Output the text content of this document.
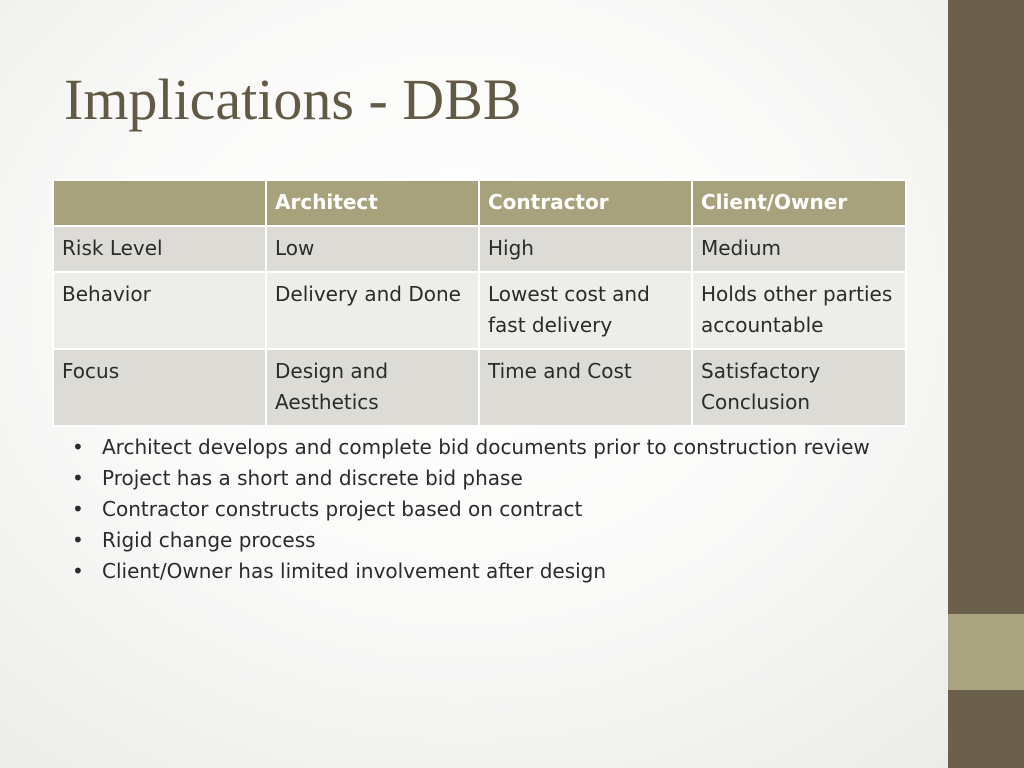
Implications - DBB
	Architect	Contractor	Client/Owner
Risk Level	Low	High	Medium
Behavior	Delivery and Done	Lowest cost and fast delivery	Holds other parties accountable
Focus	Design and Aesthetics	Time and Cost	Satisfactory Conclusion
• Architect develops and complete bid documents prior to construction review
• Project has a short and discrete bid phase
• Contractor constructs project based on contract
• Rigid change process
• Client/Owner has limited involvement after design
